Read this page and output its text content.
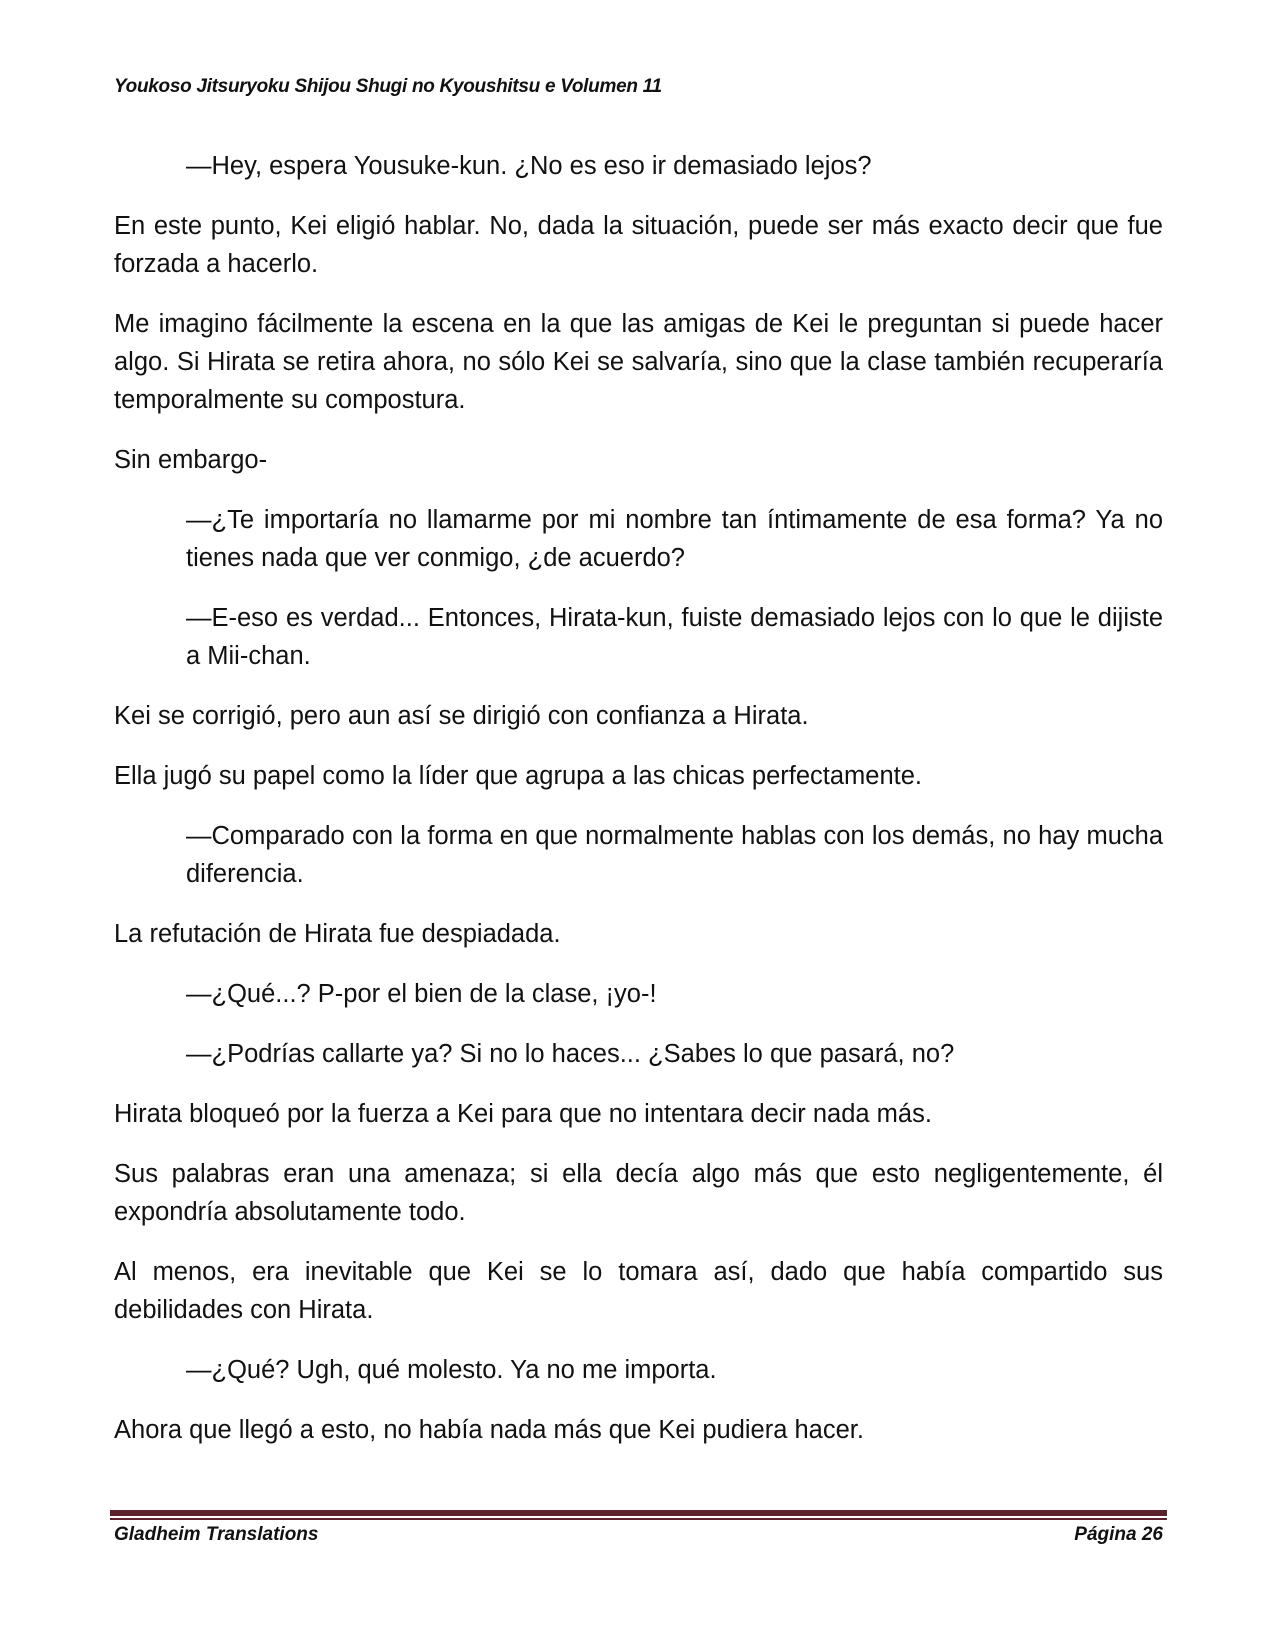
Youkoso Jitsuryoku Shijou Shugi no Kyoushitsu e Volumen 11

—Hey, espera Yousuke-kun. ¿No es eso ir demasiado lejos?

En este punto, Kei eligió hablar. No, dada la situación, puede ser más exacto decir que fue forzada a hacerlo.

Me imagino fácilmente la escena en la que las amigas de Kei le preguntan si puede hacer algo. Si Hirata se retira ahora, no sólo Kei se salvaría, sino que la clase también recuperaría temporalmente su compostura.

Sin embargo-

—¿Te importaría no llamarme por mi nombre tan íntimamente de esa forma? Ya no tienes nada que ver conmigo, ¿de acuerdo?

—E-eso es verdad... Entonces, Hirata-kun, fuiste demasiado lejos con lo que le dijiste a Mii-chan.

Kei se corrigió, pero aun así se dirigió con confianza a Hirata.

Ella jugó su papel como la líder que agrupa a las chicas perfectamente.

—Comparado con la forma en que normalmente hablas con los demás, no hay mucha diferencia.

La refutación de Hirata fue despiadada.

—¿Qué...? P-por el bien de la clase, ¡yo-!

—¿Podrías callarte ya? Si no lo haces... ¿Sabes lo que pasará, no?

Hirata bloqueó por la fuerza a Kei para que no intentara decir nada más.

Sus palabras eran una amenaza; si ella decía algo más que esto negligentemente, él expondría absolutamente todo.

Al menos, era inevitable que Kei se lo tomara así, dado que había compartido sus debilidades con Hirata.

—¿Qué? Ugh, qué molesto. Ya no me importa.

Ahora que llegó a esto, no había nada más que Kei pudiera hacer.

Gladheim Translations	Página 26
